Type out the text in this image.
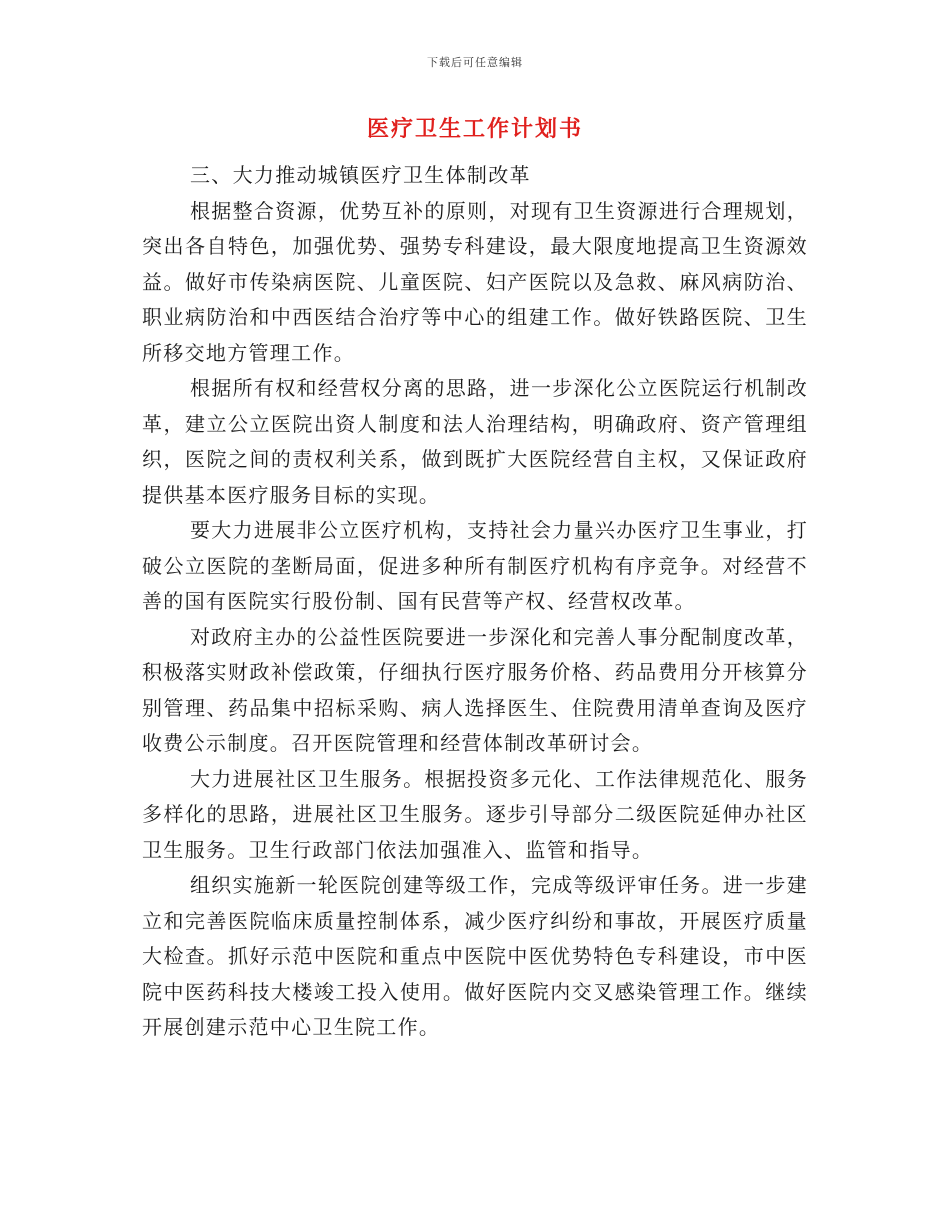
下载后可任意编辑
医疗卫生工作计划书

三、大力推动城镇医疗卫生体制改革

根据整合资源，优势互补的原则，对现有卫生资源进行合理规划，突出各自特色，加强优势、强势专科建设，最大限度地提高卫生资源效益。做好市传染病医院、儿童医院、妇产医院以及急救、麻风病防治、职业病防治和中西医结合治疗等中心的组建工作。做好铁路医院、卫生所移交地方管理工作。

根据所有权和经营权分离的思路，进一步深化公立医院运行机制改革，建立公立医院出资人制度和法人治理结构，明确政府、资产管理组织，医院之间的责权利关系，做到既扩大医院经营自主权，又保证政府提供基本医疗服务目标的实现。

要大力进展非公立医疗机构，支持社会力量兴办医疗卫生事业，打破公立医院的垄断局面，促进多种所有制医疗机构有序竞争。对经营不善的国有医院实行股份制、国有民营等产权、经营权改革。

对政府主办的公益性医院要进一步深化和完善人事分配制度改革，积极落实财政补偿政策，仔细执行医疗服务价格、药品费用分开核算分别管理、药品集中招标采购、病人选择医生、住院费用清单查询及医疗收费公示制度。召开医院管理和经营体制改革研讨会。

大力进展社区卫生服务。根据投资多元化、工作法律规范化、服务多样化的思路，进展社区卫生服务。逐步引导部分二级医院延伸办社区卫生服务。卫生行政部门依法加强准入、监管和指导。

组织实施新一轮医院创建等级工作，完成等级评审任务。进一步建立和完善医院临床质量控制体系，减少医疗纠纷和事故，开展医疗质量大检查。抓好示范中医院和重点中医院中医优势特色专科建设，市中医院中医药科技大楼竣工投入使用。做好医院内交叉感染管理工作。继续开展创建示范中心卫生院工作。
